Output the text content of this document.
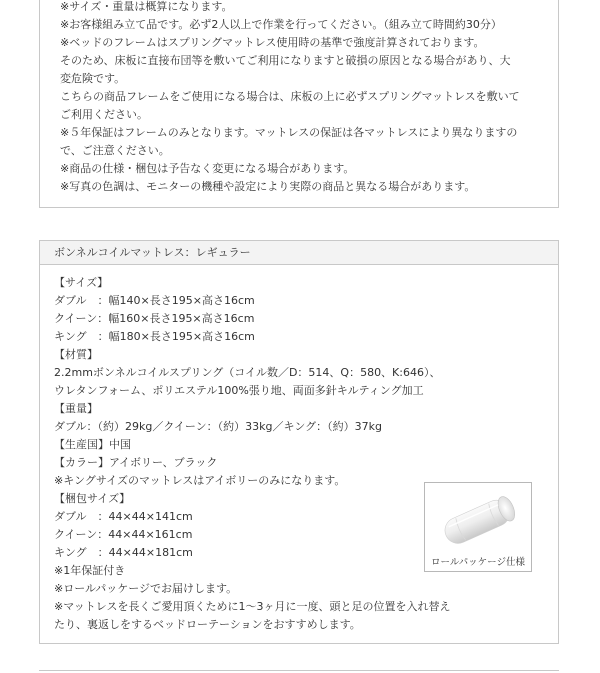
※サイズ・重量は概算になります。
※お客様組み立て品です。必ず2人以上で作業を行ってください。（組み立て時間約30分）
※ベッドのフレームはスプリングマットレス使用時の基準で強度計算されております。
そのため、床板に直接布団等を敷いてご利用になりますと破損の原因となる場合があり、大
変危険です。
こちらの商品フレームをご使用になる場合は、床板の上に必ずスプリングマットレスを敷いて
ご利用ください。
※５年保証はフレームのみとなります。マットレスの保証は各マットレスにより異なりますの
で、ご注意ください。
※商品の仕様・梱包は予告なく変更になる場合があります。
※写真の色調は、モニターの機種や設定により実際の商品と異なる場合があります。
ボンネルコイルマットレス：レギュラー
【サイズ】
ダブル　：幅140×長さ195×高さ16cm
クイーン：幅160×長さ195×高さ16cm
キング　：幅180×長さ195×高さ16cm
【材質】
2.2mmボンネルコイルスプリング（コイル数／D：514、Q：580、K:646）、
ウレタンフォーム、ポリエステル100%張り地、両面多針キルティング加工
【重量】
ダブル：（約）29kg／クイーン：（約）33kg／キング：（約）37kg
【生産国】中国
【カラー】アイボリー、ブラック
※キングサイズのマットレスはアイボリーのみになります。
【梱包サイズ】
ダブル　：44×44×141cm
クイーン：44×44×161cm
キング　：44×44×181cm
※1年保証付き
※ロールパッケージでお届けします。
※マットレスを長くご愛用頂くために1～3ヶ月に一度、頭と足の位置を入れ替え
たり、裏返しをするベッドローテーションをおすすめします。
ロールパッケージ仕様
